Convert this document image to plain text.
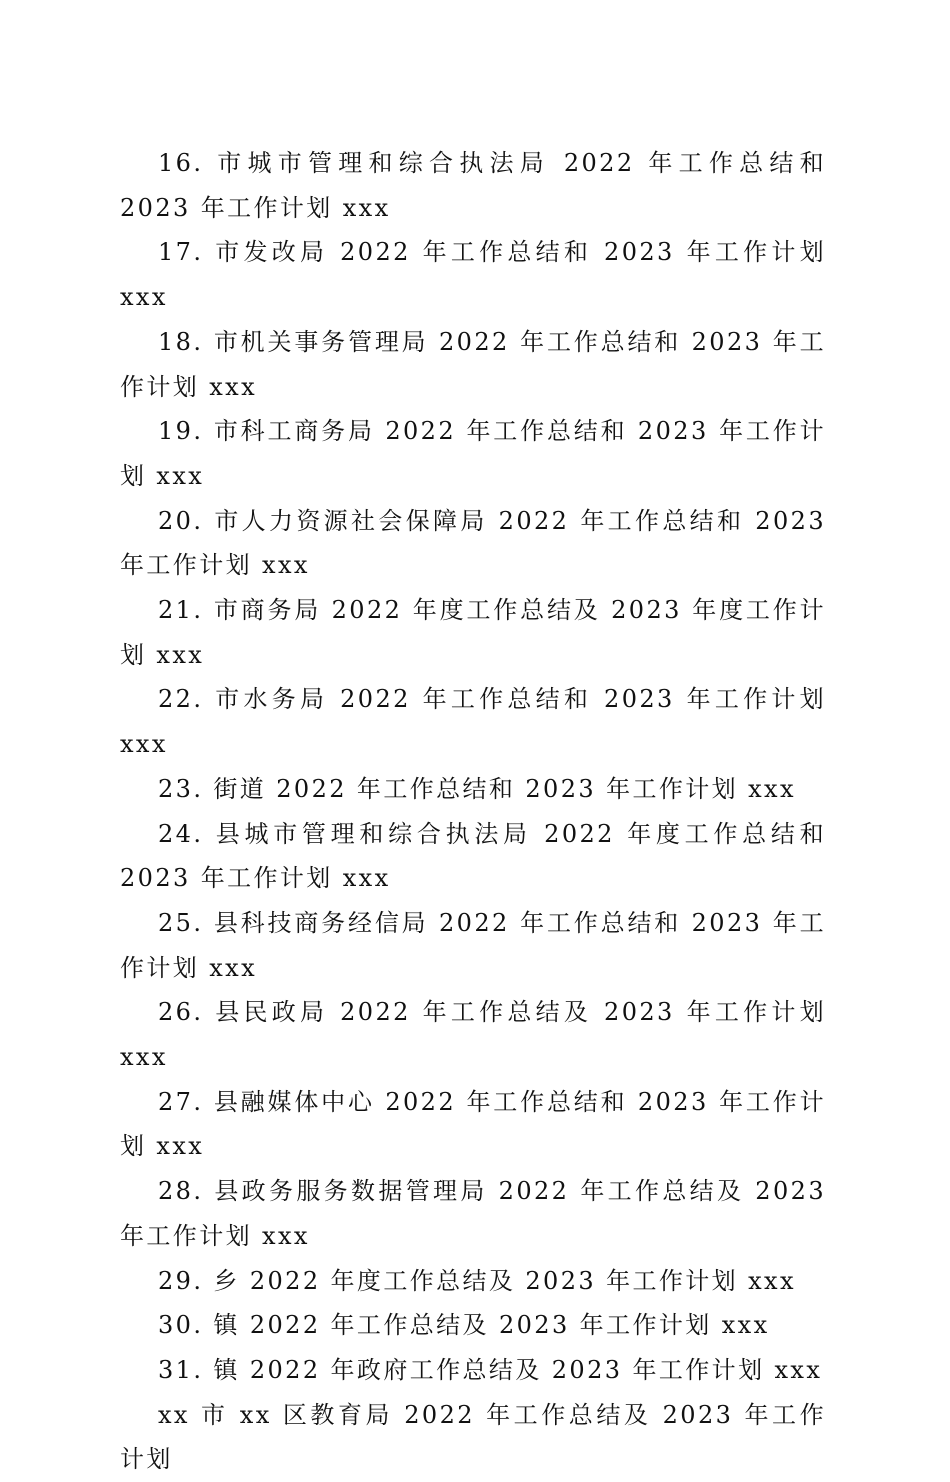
16. 市城市管理和综合执法局 2022 年工作总结和 2023 年工作计划 xxx

17. 市发改局 2022 年工作总结和 2023 年工作计划 xxx

18. 市机关事务管理局 2022 年工作总结和 2023 年工作计划 xxx

19. 市科工商务局 2022 年工作总结和 2023 年工作计划 xxx

20. 市人力资源社会保障局 2022 年工作总结和 2023 年工作计划 xxx

21. 市商务局 2022 年度工作总结及 2023 年度工作计划 xxx

22. 市水务局 2022 年工作总结和 2023 年工作计划 xxx

23. 街道 2022 年工作总结和 2023 年工作计划 xxx

24. 县城市管理和综合执法局 2022 年度工作总结和 2023 年工作计划 xxx

25. 县科技商务经信局 2022 年工作总结和 2023 年工作计划 xxx

26. 县民政局 2022 年工作总结及 2023 年工作计划 xxx

27. 县融媒体中心 2022 年工作总结和 2023 年工作计划 xxx

28. 县政务服务数据管理局 2022 年工作总结及 2023 年工作计划 xxx

29. 乡 2022 年度工作总结及 2023 年工作计划 xxx

30. 镇 2022 年工作总结及 2023 年工作计划 xxx

31. 镇 2022 年政府工作总结及 2023 年工作计划 xxx

xx 市 xx 区教育局 2022 年工作总结及 2023 年工作计划
